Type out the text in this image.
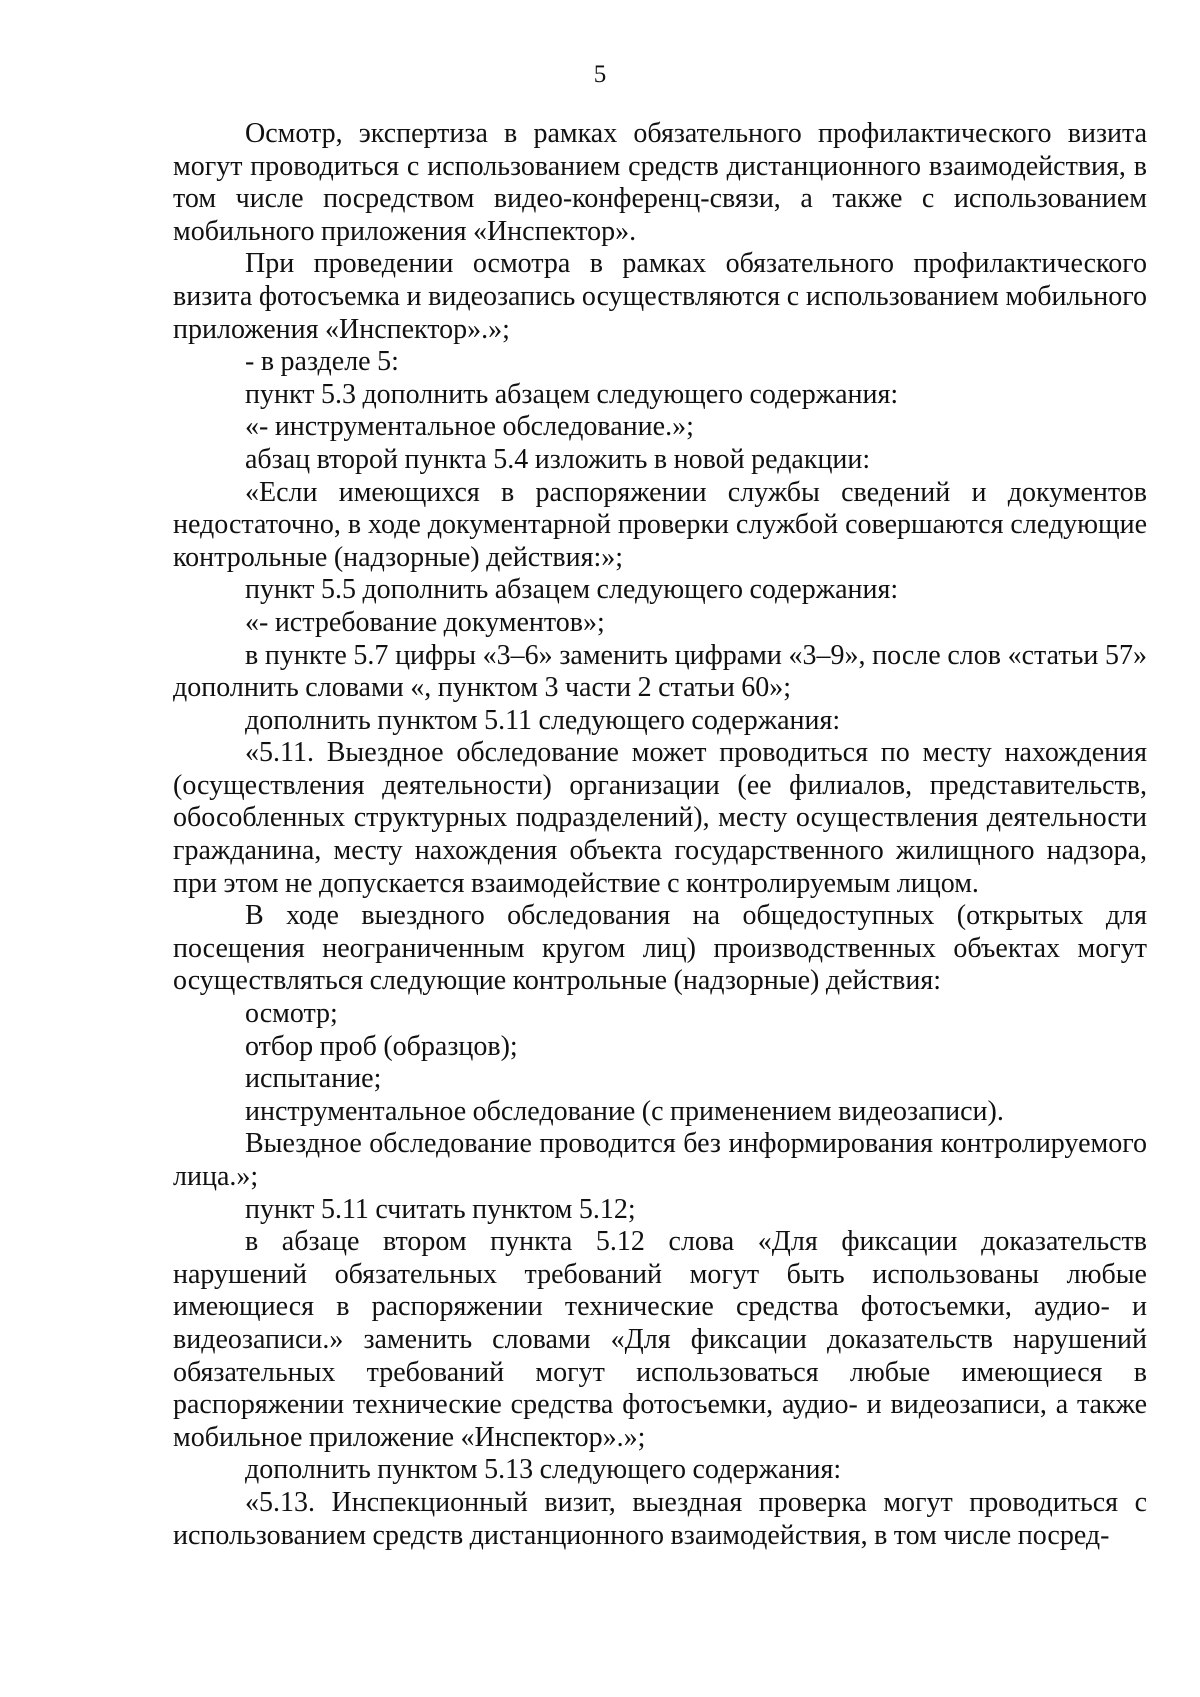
5

Осмотр, экспертиза в рамках обязательного профилактического визита могут проводиться с использованием средств дистанционного взаимодействия, в том числе посредством видео-конференц-связи, а также с использованием мобильного приложения «Инспектор».

При проведении осмотра в рамках обязательного профилактического визита фотосъемка и видеозапись осуществляются с использованием мобильного приложения «Инспектор».»;

- в разделе 5:

пункт 5.3 дополнить абзацем следующего содержания:

«- инструментальное обследование.»;

абзац второй пункта 5.4 изложить в новой редакции:

«Если имеющихся в распоряжении службы сведений и документов недостаточно, в ходе документарной проверки службой совершаются следующие контрольные (надзорные) действия:»;

пункт 5.5 дополнить абзацем следующего содержания:

«- истребование документов»;

в пункте 5.7 цифры «3–6» заменить цифрами «3–9», после слов «статьи 57» дополнить словами «, пунктом 3 части 2 статьи 60»;

дополнить пунктом 5.11 следующего содержания:

«5.11. Выездное обследование может проводиться по месту нахождения (осуществления деятельности) организации (ее филиалов, представительств, обособленных структурных подразделений), месту осуществления деятельности гражданина, месту нахождения объекта государственного жилищного надзора, при этом не допускается взаимодействие с контролируемым лицом.

В ходе выездного обследования на общедоступных (открытых для посещения неограниченным кругом лиц) производственных объектах могут осуществляться следующие контрольные (надзорные) действия:

осмотр;

отбор проб (образцов);

испытание;

инструментальное обследование (с применением видеозаписи).

Выездное обследование проводится без информирования контролируемого лица.»;

пункт 5.11 считать пунктом 5.12;

в абзаце втором пункта 5.12 слова «Для фиксации доказательств нарушений обязательных требований могут быть использованы любые имеющиеся в распоряжении технические средства фотосъемки, аудио- и видеозаписи.» заменить словами «Для фиксации доказательств нарушений обязательных требований могут использоваться любые имеющиеся в распоряжении технические средства фотосъемки, аудио- и видеозаписи, а также мобильное приложение «Инспектор».»;

дополнить пунктом 5.13 следующего содержания:

«5.13. Инспекционный визит, выездная проверка могут проводиться с использованием средств дистанционного взаимодействия, в том числе посред-
